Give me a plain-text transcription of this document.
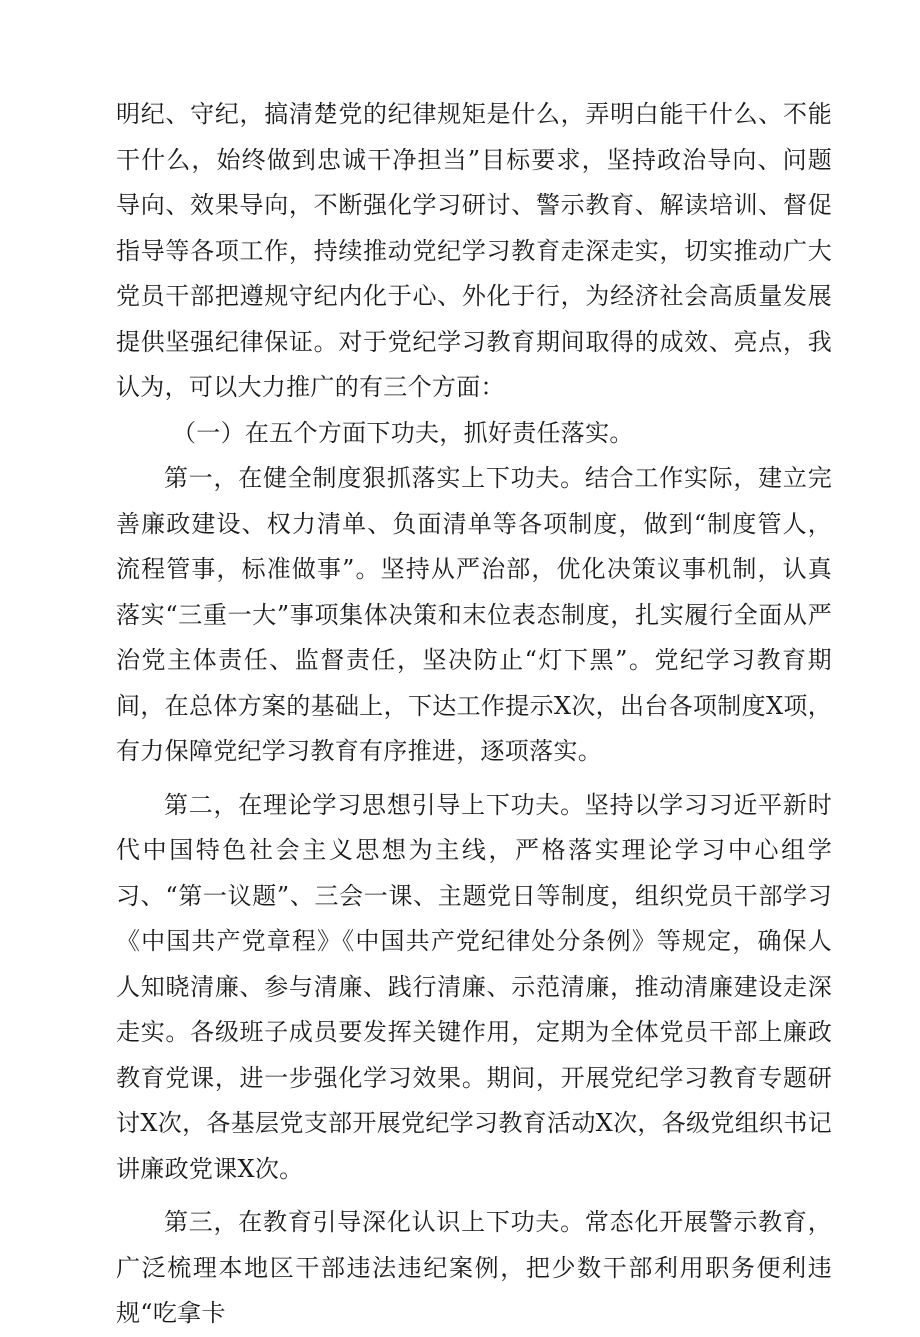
明纪、守纪，搞清楚党的纪律规矩是什么，弄明白能干什么、不能干什么，始终做到忠诚干净担当”目标要求，坚持政治导向、问题导向、效果导向，不断强化学习研讨、警示教育、解读培训、督促指导等各项工作，持续推动党纪学习教育走深走实，切实推动广大党员干部把遵规守纪内化于心、外化于行，为经济社会高质量发展提供坚强纪律保证。对于党纪学习教育期间取得的成效、亮点，我认为，可以大力推广的有三个方面：

（一）在五个方面下功夫，抓好责任落实。

第一，在健全制度狠抓落实上下功夫。结合工作实际，建立完善廉政建设、权力清单、负面清单等各项制度，做到“制度管人，流程管事，标准做事”。坚持从严治部，优化决策议事机制，认真落实“三重一大”事项集体决策和末位表态制度，扎实履行全面从严治党主体责任、监督责任，坚决防止“灯下黑”。党纪学习教育期间，在总体方案的基础上，下达工作提示X次，出台各项制度X项，有力保障党纪学习教育有序推进，逐项落实。

第二，在理论学习思想引导上下功夫。坚持以学习习近平新时代中国特色社会主义思想为主线，严格落实理论学习中心组学习、“第一议题”、三会一课、主题党日等制度，组织党员干部学习《中国共产党章程》《中国共产党纪律处分条例》等规定，确保人人知晓清廉、参与清廉、践行清廉、示范清廉，推动清廉建设走深走实。各级班子成员要发挥关键作用，定期为全体党员干部上廉政教育党课，进一步强化学习效果。期间，开展党纪学习教育专题研讨X次，各基层党支部开展党纪学习教育活动X次，各级党组织书记讲廉政党课X次。

第三，在教育引导深化认识上下功夫。常态化开展警示教育，广泛梳理本地区干部违法违纪案例，把少数干部利用职务便利违规“吃拿卡
